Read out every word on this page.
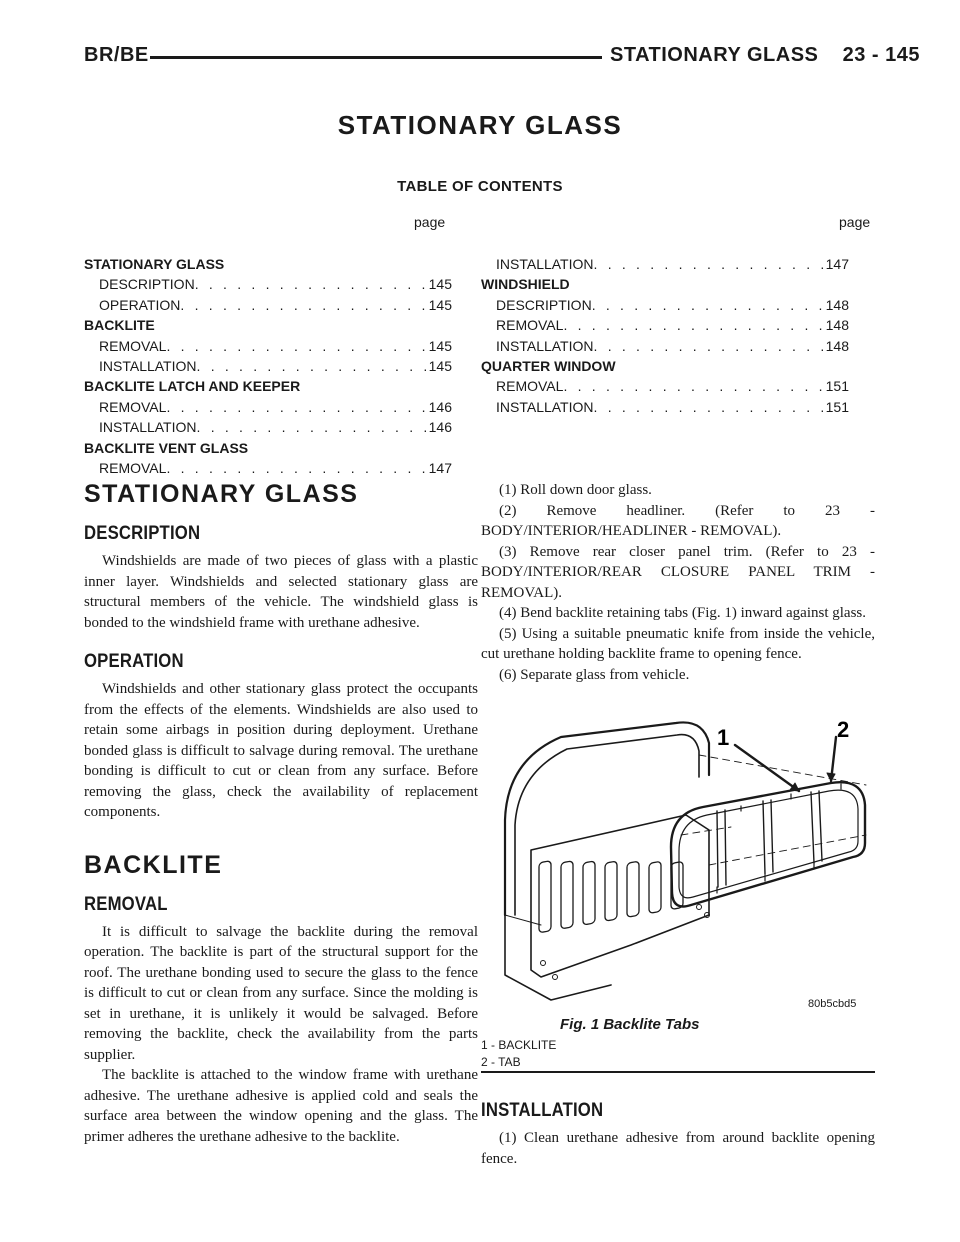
BR/BE	STATIONARY GLASS    23 - 145
STATIONARY GLASS
TABLE OF CONTENTS
page	page
STATIONARY GLASS
DESCRIPTION . . .	145
OPERATION . . .	145
BACKLITE
REMOVAL . . .	145
INSTALLATION . . .	145
BACKLITE LATCH AND KEEPER
REMOVAL . . .	146
INSTALLATION . . .	146
BACKLITE VENT GLASS
REMOVAL . . .	147
INSTALLATION . . .	147
WINDSHIELD
DESCRIPTION . . .	148
REMOVAL . . .	148
INSTALLATION . . .	148
QUARTER WINDOW
REMOVAL . . .	151
INSTALLATION . . .	151
STATIONARY GLASS
DESCRIPTION

Windshields are made of two pieces of glass with a plastic inner layer. Windshields and selected stationary glass are structural members of the vehicle. The windshield glass is bonded to the windshield frame with urethane adhesive.

OPERATION

Windshields and other stationary glass protect the occupants from the effects of the elements. Windshields are also used to retain some airbags in position during deployment. Urethane bonded glass is difficult to salvage during removal. The urethane bonding is difficult to cut or clean from any surface. Before removing the glass, check the availability of replacement components.

BACKLITE
REMOVAL

It is difficult to salvage the backlite during the removal operation. The backlite is part of the structural support for the roof. The urethane bonding used to secure the glass to the fence is difficult to cut or clean from any surface. Since the molding is set in urethane, it is unlikely it would be salvaged. Before removing the backlite, check the availability from the parts supplier.

The backlite is attached to the window frame with urethane adhesive. The urethane adhesive is applied cold and seals the surface area between the window opening and the glass. The primer adheres the urethane adhesive to the backlite.

(1) Roll down door glass.

(2) Remove headliner. (Refer to 23 - BODY/INTERIOR/HEADLINER - REMOVAL).

(3) Remove rear closer panel trim. (Refer to 23 - BODY/INTERIOR/REAR CLOSURE PANEL TRIM - REMOVAL).

(4) Bend backlite retaining tabs (Fig. 1) inward against glass.

(5) Using a suitable pneumatic knife from inside the vehicle, cut urethane holding backlite frame to opening fence.

(6) Separate glass from vehicle.

1	2
80b5cbd5
Fig. 1 Backlite Tabs
1 - BACKLITE
2 - TAB
INSTALLATION

(1) Clean urethane adhesive from around backlite opening fence.
